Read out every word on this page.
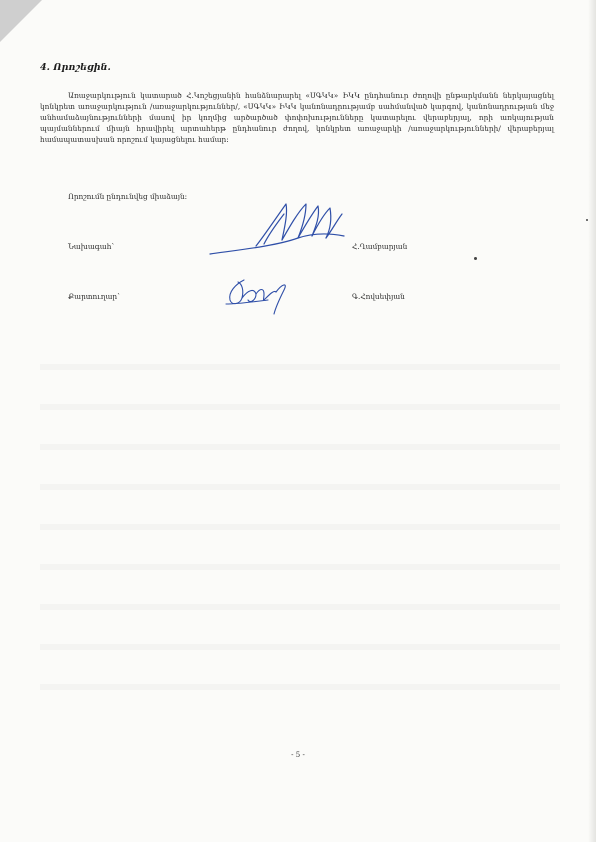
4. Որոշեցին.
Առաջարկություն կատարած Հ.Կոշեցյանին հանձնարարել «ՍԳԿԿ» ԻԿԿ ընդհանուր ժողովի ընթարկմանն ներկայացնել կոնկրետ առաջարկություն /առաջարկություններ/, «ՍԳԿԿ» ԻԿԿ կանոնադրությամբ սահմանված կարգով, կանոնադրության մեջ անհամաձայնությունների մասով իր կողմից արծարծած փոփոխությունները կատարելու վերաբերյալ, որի առկայության պայմաններում միայն հրավիրել արտահերթ ընդհանուր ժողով, կոնկրետ առաջարկի /առաջարկությունների/ վերաբերյալ համապատասխան որոշում կայացնելու համար:
Որոշումն ընդունվեց միաձայն:
Նախագահ՝	Հ.Ղամբարյան
Քարտուղար՝	Գ.Հովսեփյան
- 5 -
